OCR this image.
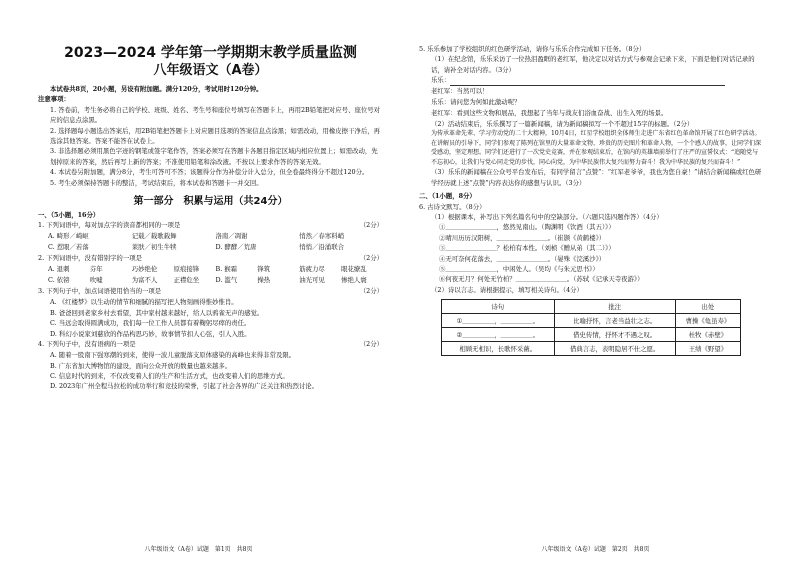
2023—2024 学年第一学期期末教学质量监测

八年级语文（A卷）

本试卷共8页，20小题，另设有附加题。满分120分，考试用时120分钟。
注意事项：
1. 答卷前，考生务必将自己的学校、班级、姓名、考生号和座位号填写在答题卡上，再用2B铅笔把对应号、座位号对应的信息点涂黑。
2. 选择题每小题选出答案后，用2B铅笔把答题卡上对应题目选项的答案信息点涂黑；如需改动，用橡皮擦干净后，再选涂其他答案。答案不能答在试卷上。
3. 非选择题必须用黑色字迹的钢笔或签字笔作答，答案必须写在答题卡各题目指定区域内相应位置上；如需改动，先划掉原来的答案，然后再写上新的答案；不准使用铅笔和涂改液。不按以上要求作答的答案无效。
4. 本试卷另附加题，满分8分，考生可答可不答；该题得分作为补偿分计入总分，但全卷最终得分不超过120分。
5. 考生必须保持答题卡的整洁，考试结束后，将本试卷和答题卡一并交回。
第一部分　积累与运用（共24分）
一、（5小题，16分）
1. 下列词语中，每对加点字的读音都相同的一项是	（2分）
A. 畸形／崎岖	记载／载歌载舞	洛南／凋谢	悄然／春寒料峭
C. 惹眼／若落	莱肤／初生牛犊	D. 酵酵／荒唐	悄悄／沿涌联合
2. 下列词语中，没有错别字的一项是	（2分）
A. 退刺	芬年	巧妙绝伦	原痕接锋	B. 猴霜	锋筑	筋疲力尽	眼花缭乱
C. 依镑	吹嘘	为富不人	正襟危坐	D. 滥气	操热	油光可见	惨绝人寰
3. 下列句子中，加点词语使用恰当的一项是	（2分）
A. 《红楼梦》以生动的情节和细腻的描写把人物刻画得惟妙惟肖。
B. 爸爸回到老家乡村去看望，其中家村越来越好，给人以鸦雀无声的感觉。
C. 当远会取得圆满成功，我们每一位工作人员都有着鞠躬尽瘁的责任。
D. 科幻小说家刘慈欣的作品构思巧妙，故事情节扣人心弦，引人入胜。
4. 下列句子中，没有语病的一项是	（2分）
A. 随着一股南下强寒潮的到来，使得一波儿童脱落支原体感染的高峰也来得非常及限。
B. 广东省加大博物馆的建设，面向公众开放的数量也越来越多。
C. 信息时代的到来，不仅改变着人们的生产和生活方式，也改变着人们的思维方式。
D. 2023年广州全程马拉松的成功举行和竞技的荣誉，引起了社会各界的广泛关注和热烈讨论。
八年级语文（A卷）试题　第1页　共8页
5. 乐乐参加了学校组织的红色研学活动，请你与乐乐合作完成如下任务。（8分）
（1）在纪念馆，乐乐采访了一位热泪盈眶的老红军，他决定以对话方式与参观会记录下来，下面是他们对话记录的话，请补全对话内容。（3分）
乐乐：
老红军：当然可以！
乐乐：请问您为何如此激动呢？
老红军：看到这些文物和展品，我想起了当年与战友们浴血奋战、出生入死的场景。
（2）活动结束后，乐乐撰写了一篇新闻稿，请为新闻稿拟写一个不超过15字的标题。（2分）
为传承革命先辈、学习劳动党的二十大精神，10月4日，红星学校组织全体师生走进广东省红色革命馆开展了红色研学活动。在讲解员的引导下，同学们参观了陈列在馆里的大量革命文物、珍贵的历史图片和革命人物，一个个感人的故事，让同学们深受感动，坚定理想。同学们还进行了一次党史竞赛，并在参观结束后，在馆内的英雄墙前举行了庄严的宣誓仪式：“追随党与不忘初心，让我们与党心同走党的步伐，同心向党，为中华民族伟大复兴而努力奋斗！我为中华民族的复兴而奋斗！”
（3）乐乐的新闻稿在公众号平台发布后，有同学留言“点赞”：“红军老爷爷，我也为您自豪！”请结合新闻稿或红色研学经历就上述“点赞”内容表达你的感想与认识。（3分）
二、（1小题，8分）
6. 古诗文默写。（8分）
（1）根据课本，补写出下列名篇名句中的空缺部分。（六题只选四题作答）（4分）
①＿＿＿＿＿＿＿＿，悠然见南山。（陶渊明《饮酒（其五）》）
②晴川历历汉阳树，＿＿＿＿＿＿＿＿。（崔颢《黄鹤楼》）
③＿＿＿＿＿＿＿＿？松柏有本性。（刘桢《赠从弟（其二）》）
④无可奈何花落去，＿＿＿＿＿＿＿＿。（晏殊《浣溪沙》）
⑤＿＿＿＿＿＿＿＿，中闲处人。（吴均《与朱元思书》）
⑥何夜无月？何处无竹柏？＿＿＿＿＿＿＿＿。（苏轼《记承天寺夜游》）
（2）诗以言志。请根据提示，填写相关诗句。（4分）
诗句	批注	出处
①＿＿＿＿＿，＿＿＿＿＿。	比喻抒怀，言老当益壮之志。	曹操《龟虽寿》
②＿＿＿＿＿，＿＿＿＿＿。	借史传情，抒怀才不遇之叹。	杜牧《赤壁》
相顾无相识，长歌怀采薇。	借典言志，表明隐居不仕之愿。	王绩《野望》
八年级语文（A卷）试题　第2页　共8页
